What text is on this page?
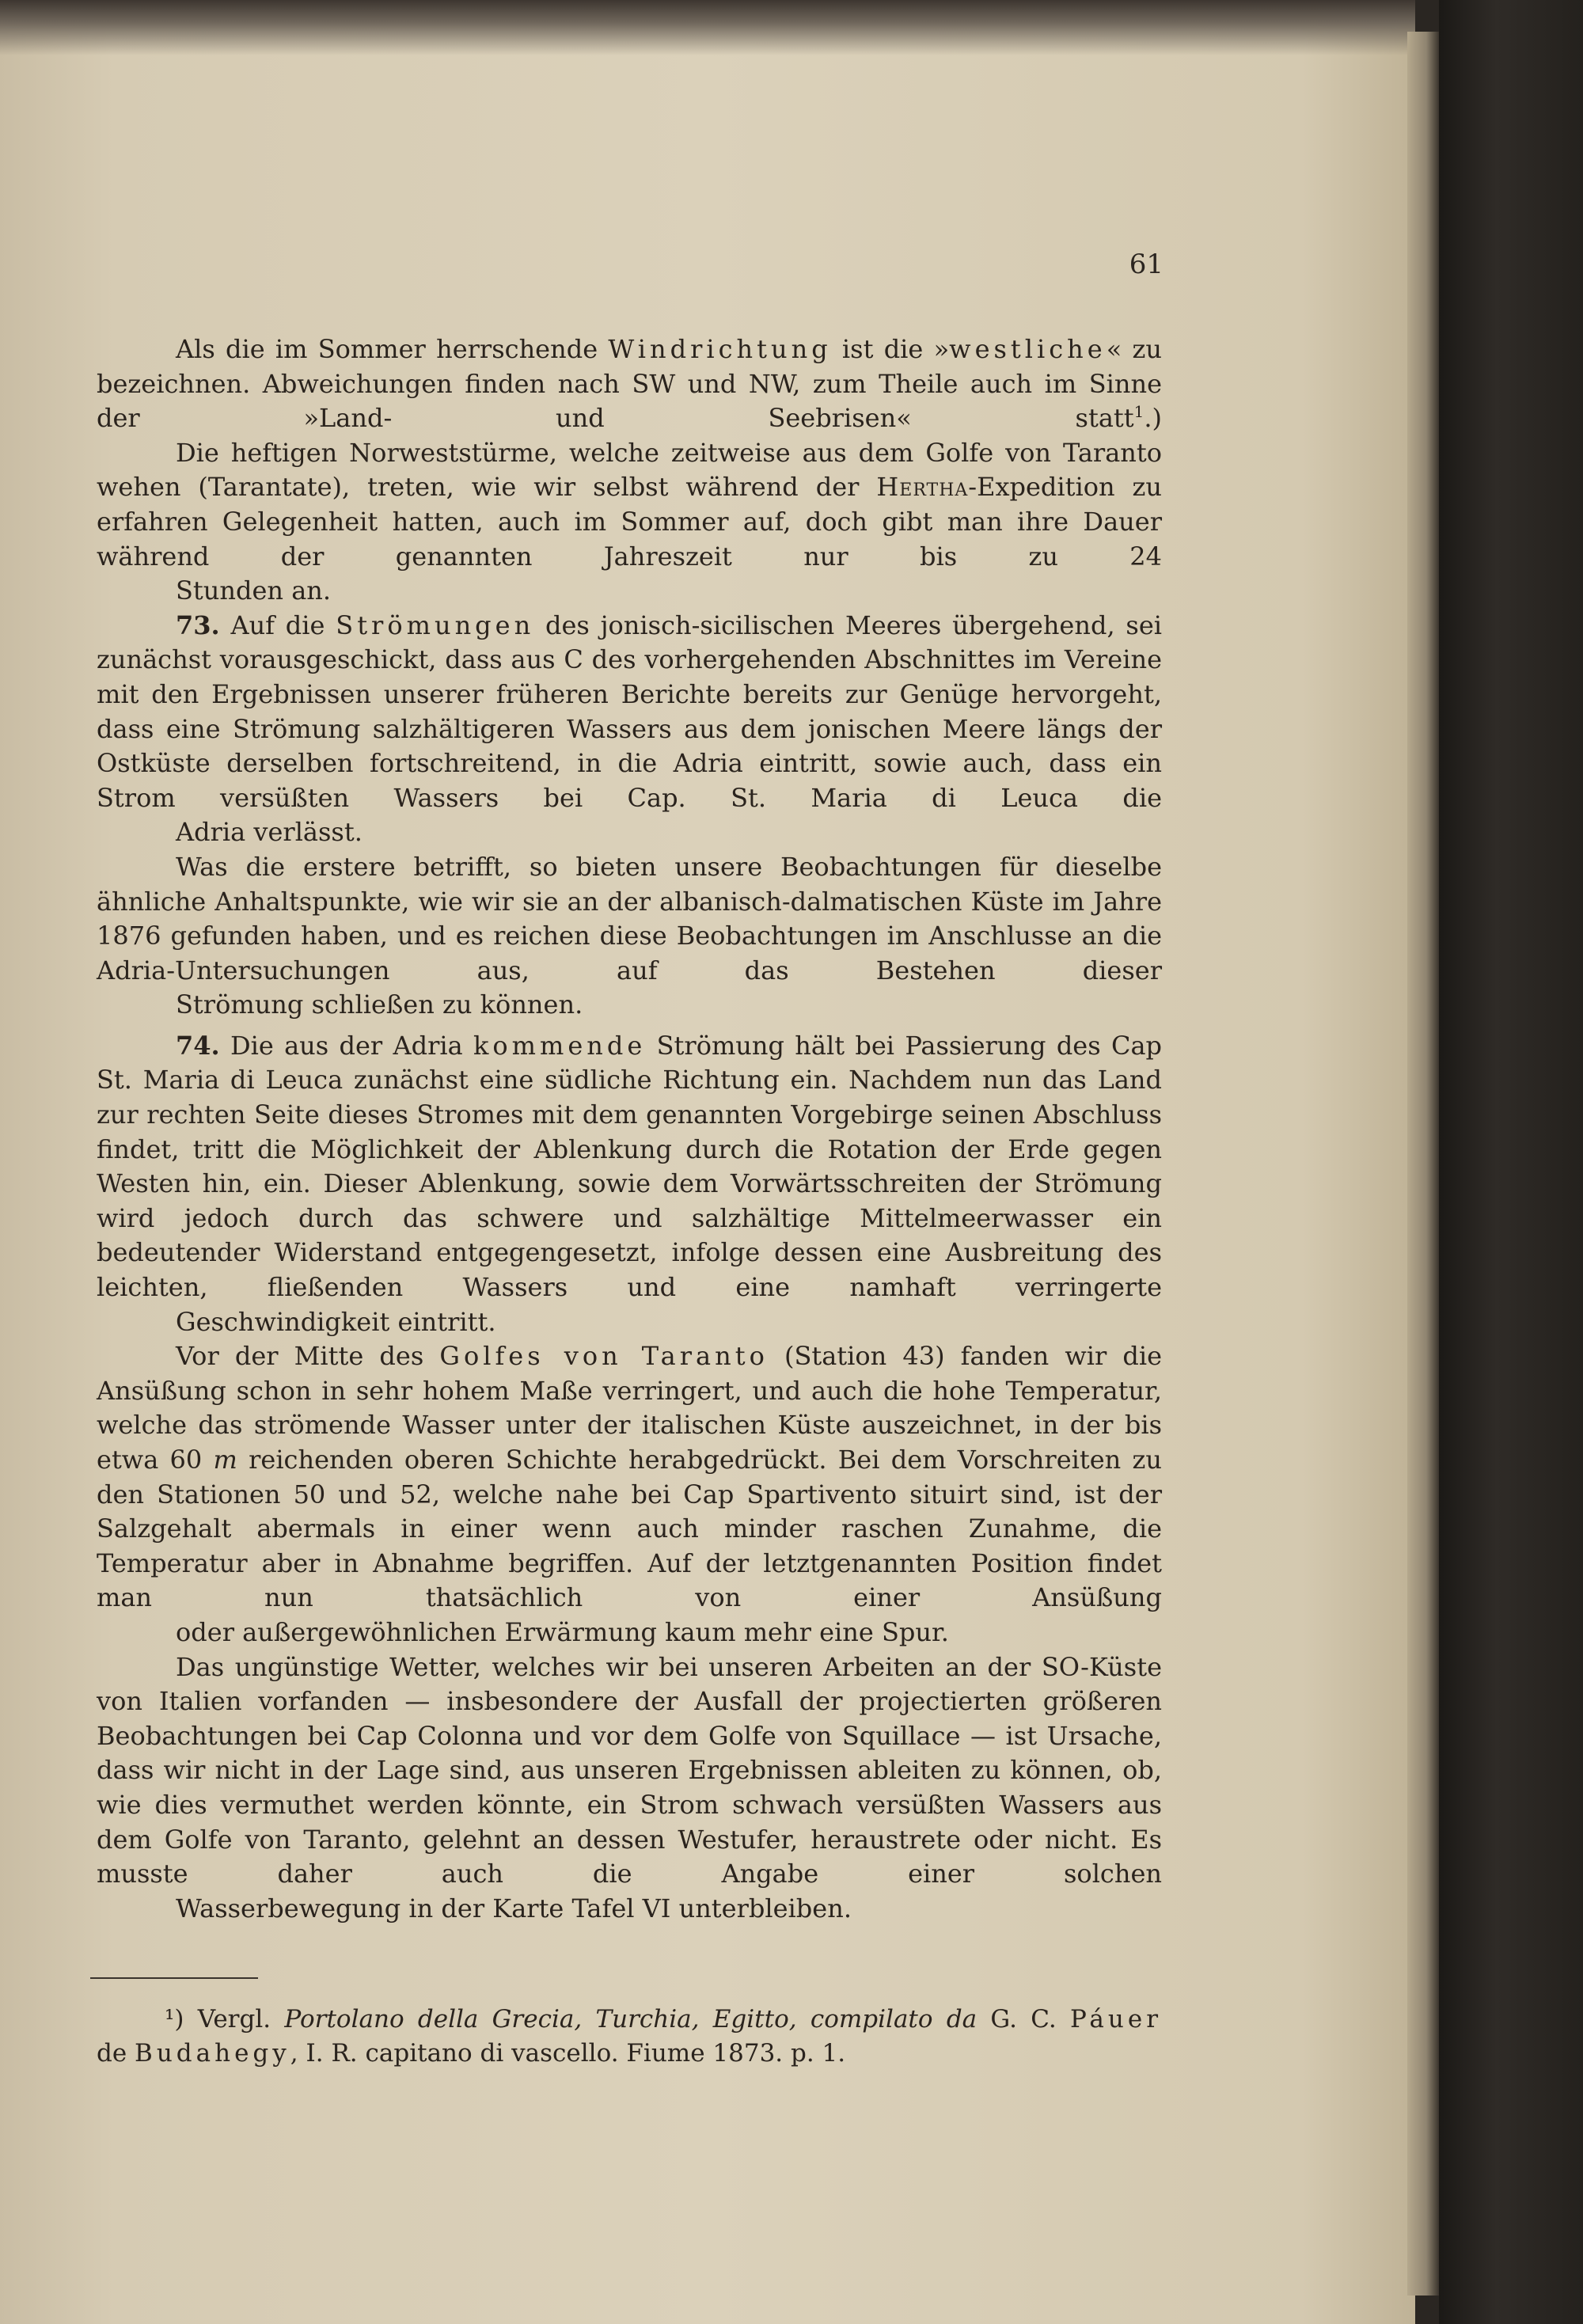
61

Als die im Sommer herrschende Windrichtung ist die »westliche« zu bezeichnen. Abweichungen finden nach SW und NW, zum Theile auch im Sinne der »Land- und Seebrisen« statt$^1$.)

Die heftigen Norweststürme, welche zeitweise aus dem Golfe von Taranto wehen (Tarantate), treten, wie wir selbst während der Hertha-Expedition zu erfahren Gelegenheit hatten, auch im Sommer auf, doch gibt man ihre Dauer während der genannten Jahreszeit nur bis zu 24
Stunden an.

73. Auf die Strömungen des jonisch-sicilischen Meeres übergehend, sei zunächst vorausgeschickt, dass aus C des vorhergehenden Abschnittes im Vereine mit den Ergebnissen unserer früheren Berichte bereits zur Genüge hervorgeht, dass eine Strömung salzhältigeren Wassers aus dem jonischen Meere längs der Ostküste derselben fortschreitend, in die Adria eintritt, sowie auch, dass ein Strom versüßten Wassers bei Cap. St. Maria di Leuca die
Adria verlässt.

Was die erstere betrifft, so bieten unsere Beobachtungen für dieselbe ähnliche Anhaltspunkte, wie wir sie an der albanisch-dalmatischen Küste im Jahre 1876 gefunden haben, und es reichen diese Beobachtungen im Anschlusse an die Adria-Untersuchungen aus, auf das Bestehen dieser
Strömung schließen zu können.

74. Die aus der Adria kommende Strömung hält bei Passierung des Cap St. Maria di Leuca zunächst eine südliche Richtung ein. Nachdem nun das Land zur rechten Seite dieses Stromes mit dem genannten Vorgebirge seinen Abschluss findet, tritt die Möglichkeit der Ablenkung durch die Rotation der Erde gegen Westen hin, ein. Dieser Ablenkung, sowie dem Vorwärtsschreiten der Strömung wird jedoch durch das schwere und salzhältige Mittelmeerwasser ein bedeutender Widerstand entgegengesetzt, infolge dessen eine Ausbreitung des leichten, fließenden Wassers und eine namhaft verringerte
Geschwindigkeit eintritt.

Vor der Mitte des Golfes von Taranto (Station 43) fanden wir die Ansüßung schon in sehr hohem Maße verringert, und auch die hohe Temperatur, welche das strömende Wasser unter der italischen Küste auszeichnet, in der bis etwa 60 m reichenden oberen Schichte herabgedrückt. Bei dem Vorschreiten zu den Stationen 50 und 52, welche nahe bei Cap Spartivento situirt sind, ist der Salzgehalt abermals in einer wenn auch minder raschen Zunahme, die Temperatur aber in Abnahme begriffen. Auf der letztgenannten Position findet man nun thatsächlich von einer Ansüßung
oder außergewöhnlichen Erwärmung kaum mehr eine Spur.

Das ungünstige Wetter, welches wir bei unseren Arbeiten an der SO-Küste von Italien vorfanden — insbesondere der Ausfall der projectierten größeren Beobachtungen bei Cap Colonna und vor dem Golfe von Squillace — ist Ursache, dass wir nicht in der Lage sind, aus unseren Ergebnissen ableiten zu können, ob, wie dies vermuthet werden könnte, ein Strom schwach versüßten Wassers aus dem Golfe von Taranto, gelehnt an dessen Westufer, heraustrete oder nicht. Es musste daher auch die Angabe einer solchen
Wasserbewegung in der Karte Tafel VI unterbleiben.

¹) Vergl. Portolano della Grecia, Turchia, Egitto, compilato da G. C. Páuer
de Budahegy, I. R. capitano di vascello. Fiume 1873. p. 1.
